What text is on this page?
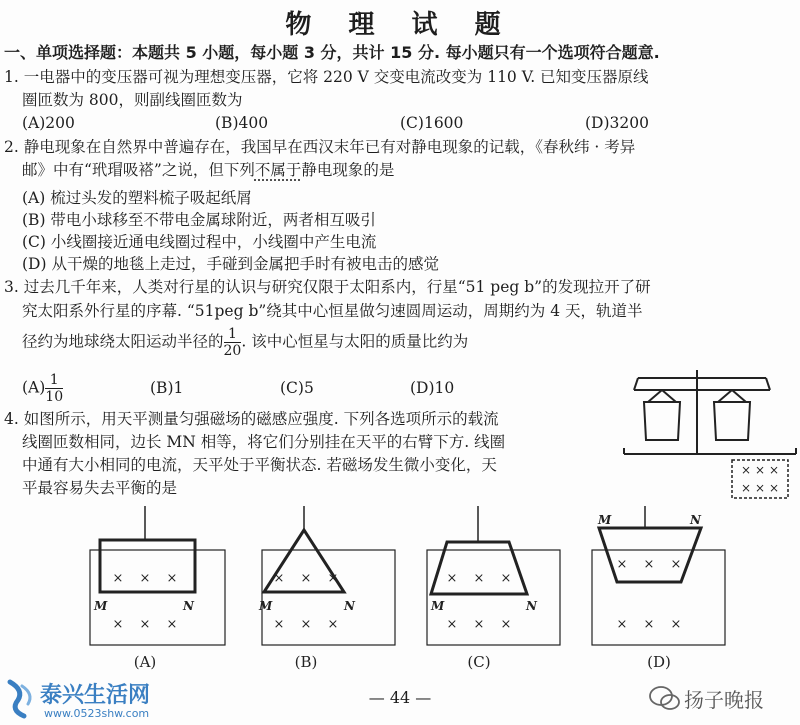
物 理 试 题
一、单项选择题：本题共 5 小题，每小题 3 分，共计 15 分. 每小题只有一个选项符合题意.
1. 一电器中的变压器可视为理想变压器，它将 220 V 交变电流改变为 110 V. 已知变压器原线
圈匝数为 800，则副线圈匝数为
(A)200	(B)400	(C)1600	(D)3200
2. 静电现象在自然界中普遍存在，我国早在西汉末年已有对静电现象的记载，《春秋纬 · 考异
邮》中有“玳瑁吸褡”之说，但下列不属于静电现象的是
(A) 梳过头发的塑料梳子吸起纸屑
(B) 带电小球移至不带电金属球附近，两者相互吸引
(C) 小线圈接近通电线圈过程中，小线圈中产生电流
(D) 从干燥的地毯上走过，手碰到金属把手时有被电击的感觉
3. 过去几千年来，人类对行星的认识与研究仅限于太阳系内，行星“51 peg b”的发现拉开了研
究太阳系外行星的序幕. “51peg b”绕其中心恒星做匀速圆周运动，周期约为 4 天，轨道半
径约为地球绕太阳运动半径的 $\frac{1}{20}$ . 该中心恒星与太阳的质量比约为
$(A) \frac{1}{10}$	(B)1	(C)5	(D)10
4. 如图所示，用天平测量匀强磁场的磁感应强度. 下列各选项所示的载流
线圈匝数相同，边长 MN 相等，将它们分别挂在天平的右臂下方. 线圈
中通有大小相同的电流，天平处于平衡状态. 若磁场发生微小变化，天
平最容易失去平衡的是
× × ×
× × ×
× × ×
× × ×
× × ×
× × ×
× × ×
× × ×
× × ×
× × ×
M	N	M	N	M	N
M	N
(A)	(B)	(C)	(D)
— 44 —
泰兴生活网
www.0523shw.com
扬子晚报
